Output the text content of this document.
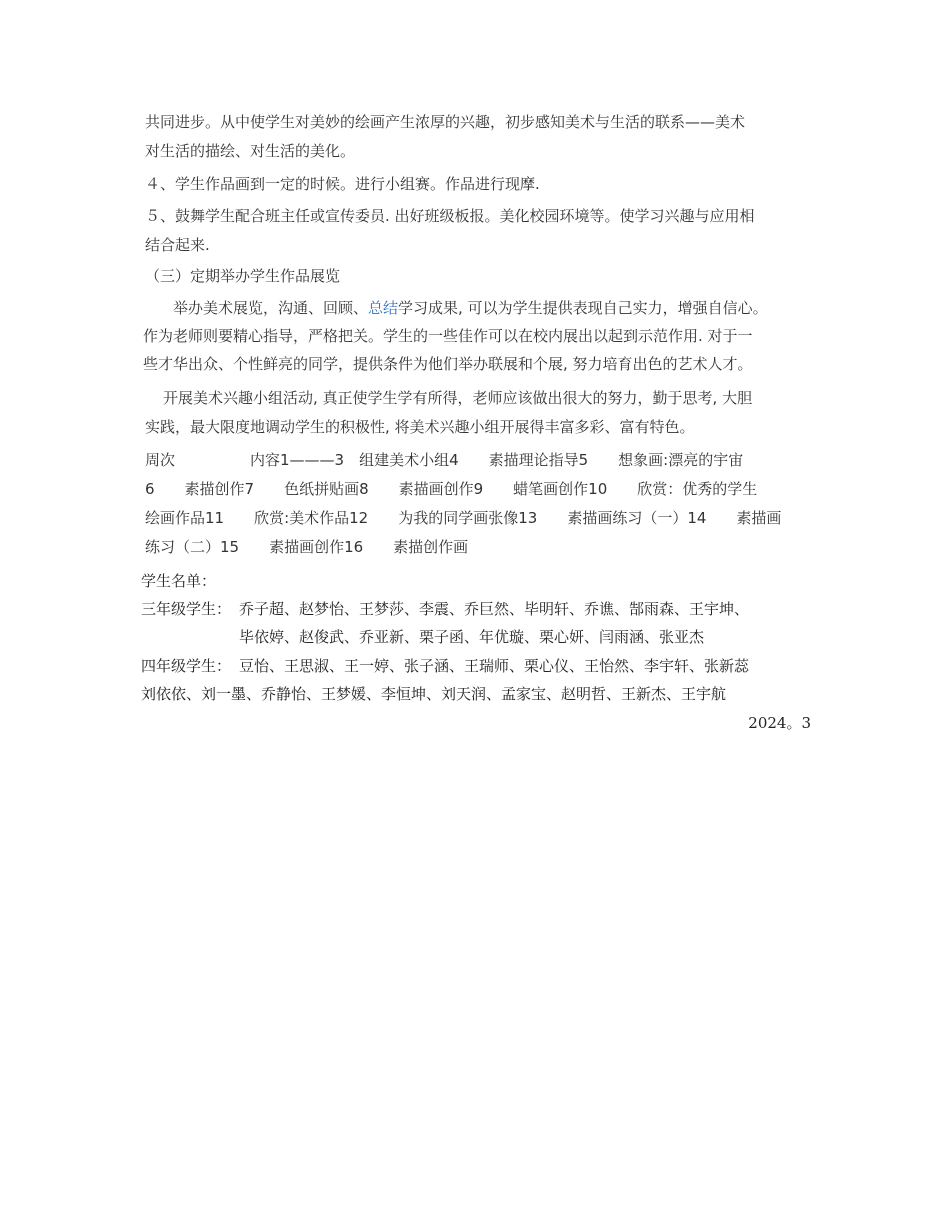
共同进步。从中使学生对美妙的绘画产生浓厚的兴趣，初步感知美术与生活的联系——美术
对生活的描绘、对生活的美化。
４、学生作品画到一定的时候。进行小组赛。作品进行现摩.
５、鼓舞学生配合班主任或宣传委员. 出好班级板报。美化校园环境等。使学习兴趣与应用相
结合起来.
（三）定期举办学生作品展览
举办美术展览，沟通、回顾、总结学习成果, 可以为学生提供表现自己实力，增强自信心。
作为老师则要精心指导，严格把关。学生的一些佳作可以在校内展出以起到示范作用. 对于一
些才华出众、个性鲜亮的同学，提供条件为他们举办联展和个展, 努力培育出色的艺术人才。
开展美术兴趣小组活动, 真正使学生学有所得，老师应该做出很大的努力，勤于思考, 大胆
实践，最大限度地调动学生的积极性, 将美术兴趣小组开展得丰富多彩、富有特色。
周次　　　　　内容1———3　组建美术小组4　　素描理论指导5　　想象画:漂亮的宇宙
6　　素描创作7　　色纸拼贴画8　　素描画创作9　　蜡笔画创作10　　欣赏：优秀的学生
绘画作品11　　欣赏:美术作品12　　为我的同学画张像13　　素描画练习（一）14　　素描画
练习（二）15　　素描画创作16　　素描创作画
学生名单：
三年级学生： 乔子超、赵梦怡、王梦莎、李震、乔巨然、毕明轩、乔谯、郜雨森、王宇坤、
毕依婷、赵俊武、乔亚新、栗子函、年优璇、栗心妍、闫雨涵、张亚杰
四年级学生： 豆怡、王思淑、王一婷、张子涵、王瑞师、栗心仪、王怡然、李宇轩、张新蕊
刘依依、刘一墨、乔静怡、王梦媛、李恒坤、刘天润、孟家宝、赵明哲、王新杰、王宇航
2024。3
